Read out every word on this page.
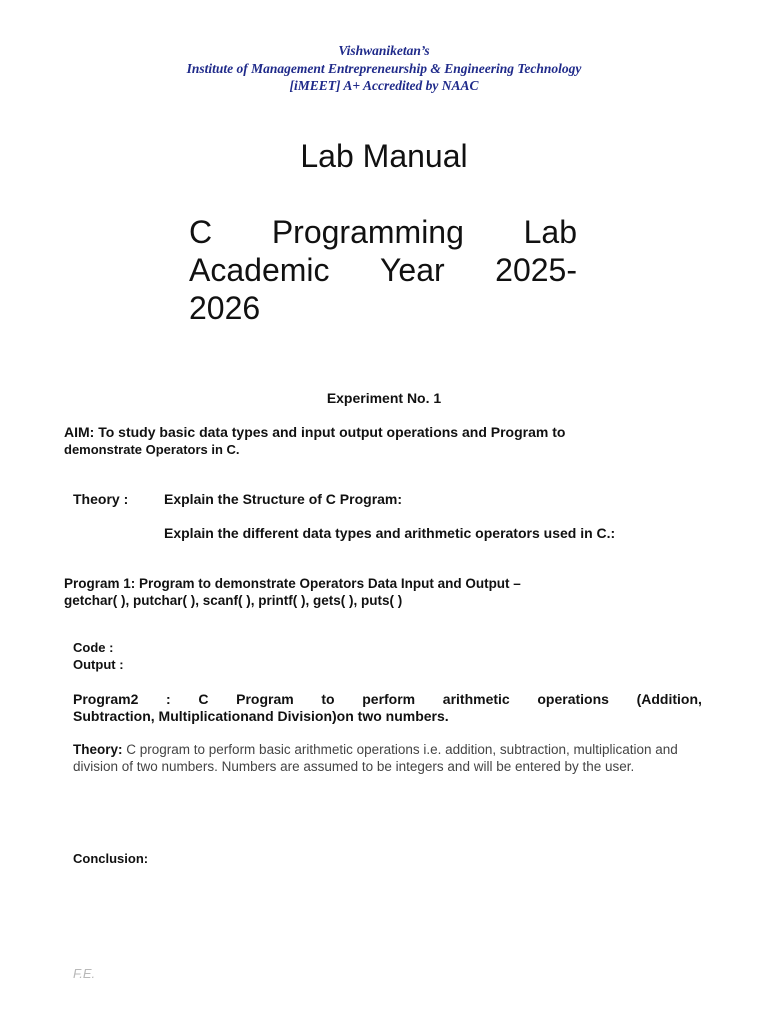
Vishwaniketan’s
Institute of Management Entrepreneurship & Engineering Technology
[iMEET] A+ Accredited by NAAC
Lab Manual
C Programming Lab
Academic Year 2025-
2026
Experiment No. 1
AIM: To study basic data types and input output operations and Program to
demonstrate Operators in C.
Theory :	Explain the Structure of C Program:
Explain the different data types and arithmetic operators used in C.:
Program 1: Program to demonstrate Operators Data Input and Output –
getchar( ), putchar( ), scanf( ), printf( ), gets( ), puts( )
Code :
Output :
Program2 : C Program to perform arithmetic operations (Addition,
Subtraction, Multiplicationand Division)on two numbers.
Theory: C program to perform basic arithmetic operations i.e. addition, subtraction, multiplication and division of two numbers. Numbers are assumed to be integers and will be entered by the user.
Conclusion:
F.E.
